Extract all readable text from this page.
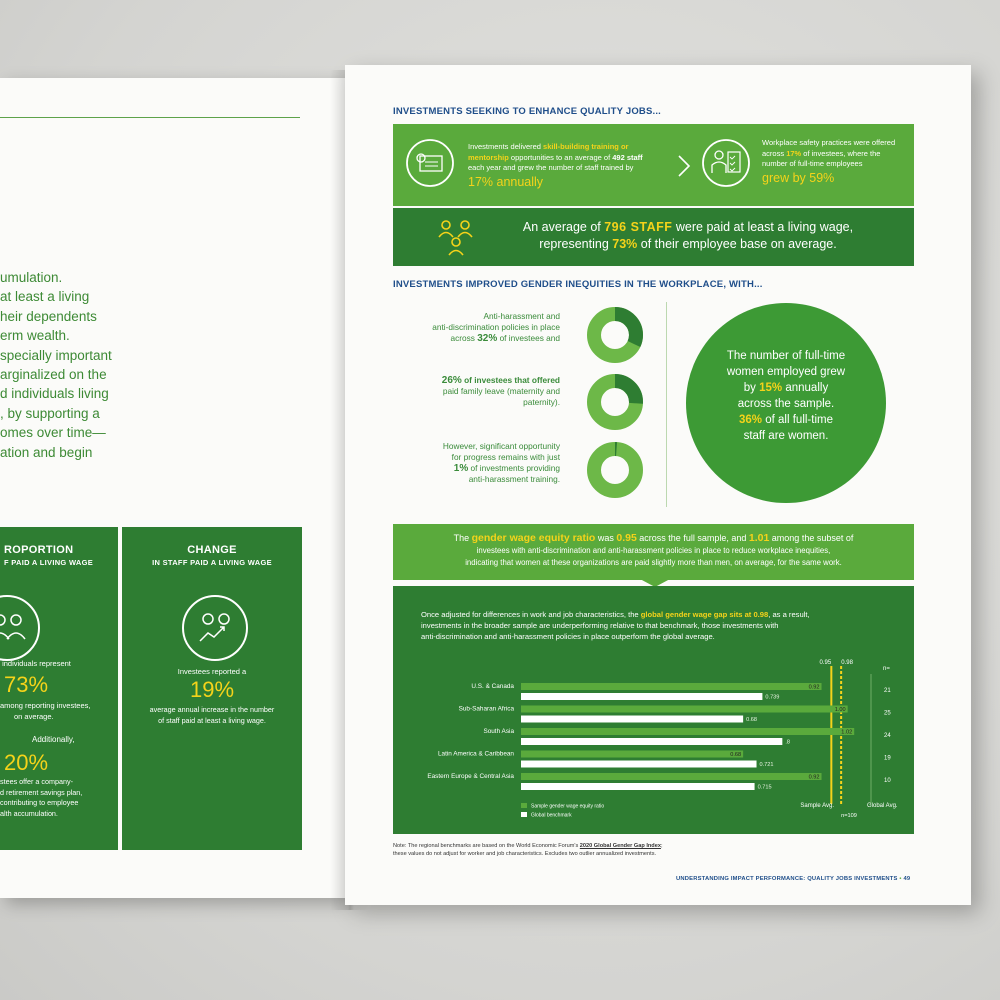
umulation.
at least a living
heir dependents
erm wealth.
specially important
arginalized on the
d individuals living
, by supporting a
omes over time—
ation and begin
ROPORTION
F PAID A LIVING WAGE
individuals represent
73%
among reporting investees,
on average.
Additionally,
20%
stees offer a company-
d retirement savings plan,
contributing to employee
alth accumulation.
CHANGE
IN STAFF PAID A LIVING WAGE
Investees reported a
19%
average annual increase in the number
of staff paid at least a living wage.
INVESTMENTS SEEKING TO ENHANCE QUALITY JOBS...
Investments delivered skill-building training or
mentorship opportunities to an average of 492 staff
each year and grew the number of staff trained by
17% annually
Workplace safety practices were offered
across 17% of investees, where the
number of full-time employees
grew by 59%
An average of 796 STAFF were paid at least a living wage,
representing 73% of their employee base on average.
INVESTMENTS IMPROVED GENDER INEQUITIES IN THE WORKPLACE, WITH...
Anti-harassment and
anti-discrimination policies in place
across 32% of investees and
26% of investees that offered
paid family leave (maternity and
paternity).
However, significant opportunity
for progress remains with just
1% of investments providing
anti-harassment training.
The number of full-time
women employed grew
by 15% annually
across the sample.
36% of all full-time
staff are women.
The gender wage equity ratio was 0.95 across the full sample, and 1.01 among the subset of
investees with anti-discrimination and anti-harassment policies in place to reduce workplace inequities,
indicating that women at these organizations are paid slightly more than men, on average, for the same work.
Once adjusted for differences in work and job characteristics, the global gender wage gap sits at 0.98, as a result,
investments in the broader sample are underperforming relative to that benchmark, those investments with
anti-discrimination and anti-harassment policies in place outperform the global average.
0.95 0.98
n=
U.S. & Canada	0.92
0.739
21
Sub-Saharan Africa	1.00
0.68
25
South Asia	1.02
.8
24
Latin America & Caribbean	0.68
0.721
19
Eastern Europe & Central Asia	0.92
0.715
10
Sample gender wage equity ratio
Global benchmark
Sample Avg.	Global Avg.
n=109
Note: The regional benchmarks are based on the World Economic Forum's 2020 Global Gender Gap Index;
these values do not adjust for worker and job characteristics. Excludes two outlier annualized investments.
UNDERSTANDING IMPACT PERFORMANCE: QUALITY JOBS INVESTMENTS • 49
